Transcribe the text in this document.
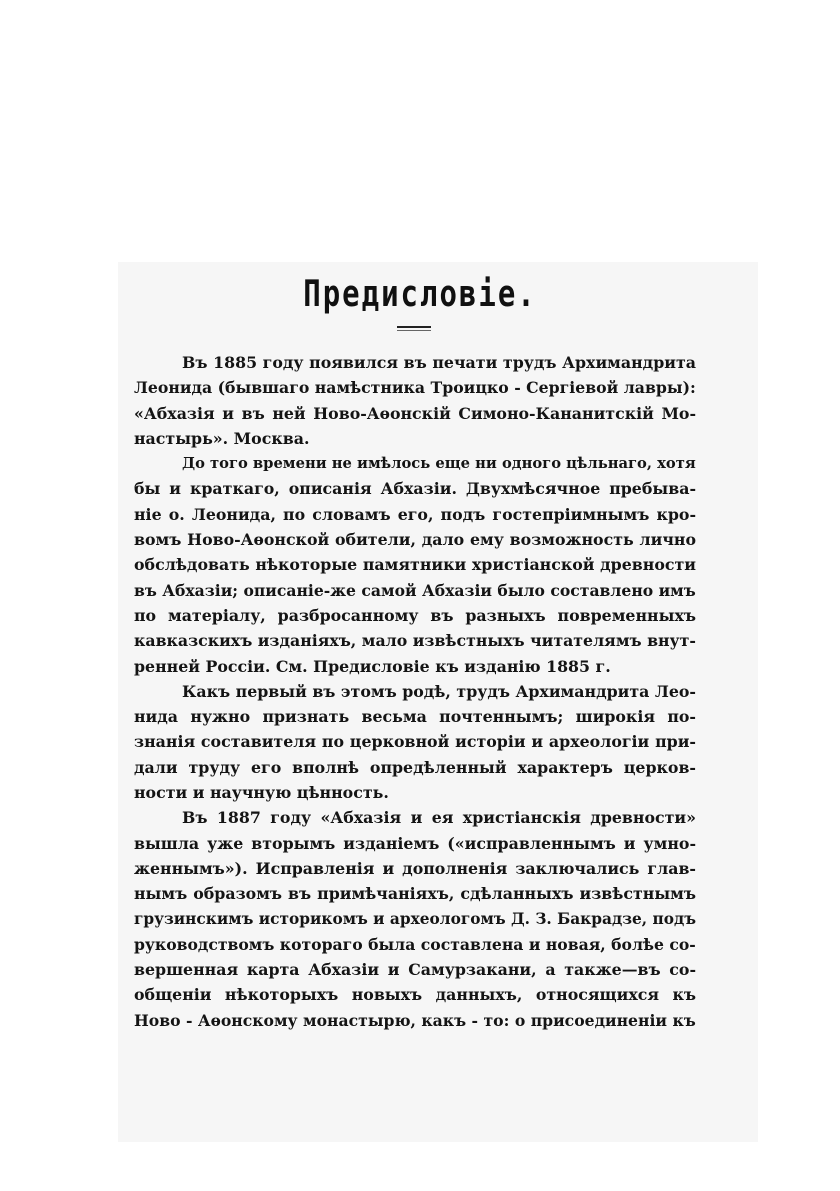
Предисловіе.

Въ 1885 году появился въ печати трудъ Архимандрита
Леонида (бывшаго намѣстника Троицко - Сергіевой лавры):
«Абхазія и въ ней Ново-Аѳонскій Симоно-Кананитскій Мо-
настырь». Москва.

До того времени не имѣлось еще ни одного цѣльнаго, хотя
бы и краткаго, описанія Абхазіи. Двухмѣсячное пребыва-
ніе о. Леонида, по словамъ его, подъ гостепріимнымъ кро-
вомъ Ново-Аѳонской обители, дало ему возможность лично
обслѣдовать нѣкоторые памятники христіанской древности
въ Абхазіи; описаніе-же самой Абхазіи было составлено имъ
по матеріалу, разбросанному въ разныхъ повременныхъ
кавказскихъ изданіяхъ, мало извѣстныхъ читателямъ внут-
ренней Россіи. См. Предисловіе къ изданію 1885 г.

Какъ первый въ этомъ родѣ, трудъ Архимандрита Лео-
нида нужно признать весьма почтеннымъ; широкія по-
знанія составителя по церковной исторіи и археологіи при-
дали труду его вполнѣ опредѣленный характеръ церков-
ности и научную цѣнность.

Въ 1887 году «Абхазія и ея христіанскія древности»
вышла уже вторымъ изданіемъ («исправленнымъ и умно-
женнымъ»). Исправленія и дополненія заключались глав-
нымъ образомъ въ примѣчаніяхъ, сдѣланныхъ извѣстнымъ
грузинскимъ историкомъ и археологомъ Д. З. Бакрадзе, подъ
руководствомъ котораго была составлена и новая, болѣе со-
вершенная карта Абхазіи и Самурзакани, а также—въ со-
общеніи нѣкоторыхъ новыхъ данныхъ, относящихся къ
Ново - Аѳонскому монастырю, какъ - то: о присоединеніи къ
